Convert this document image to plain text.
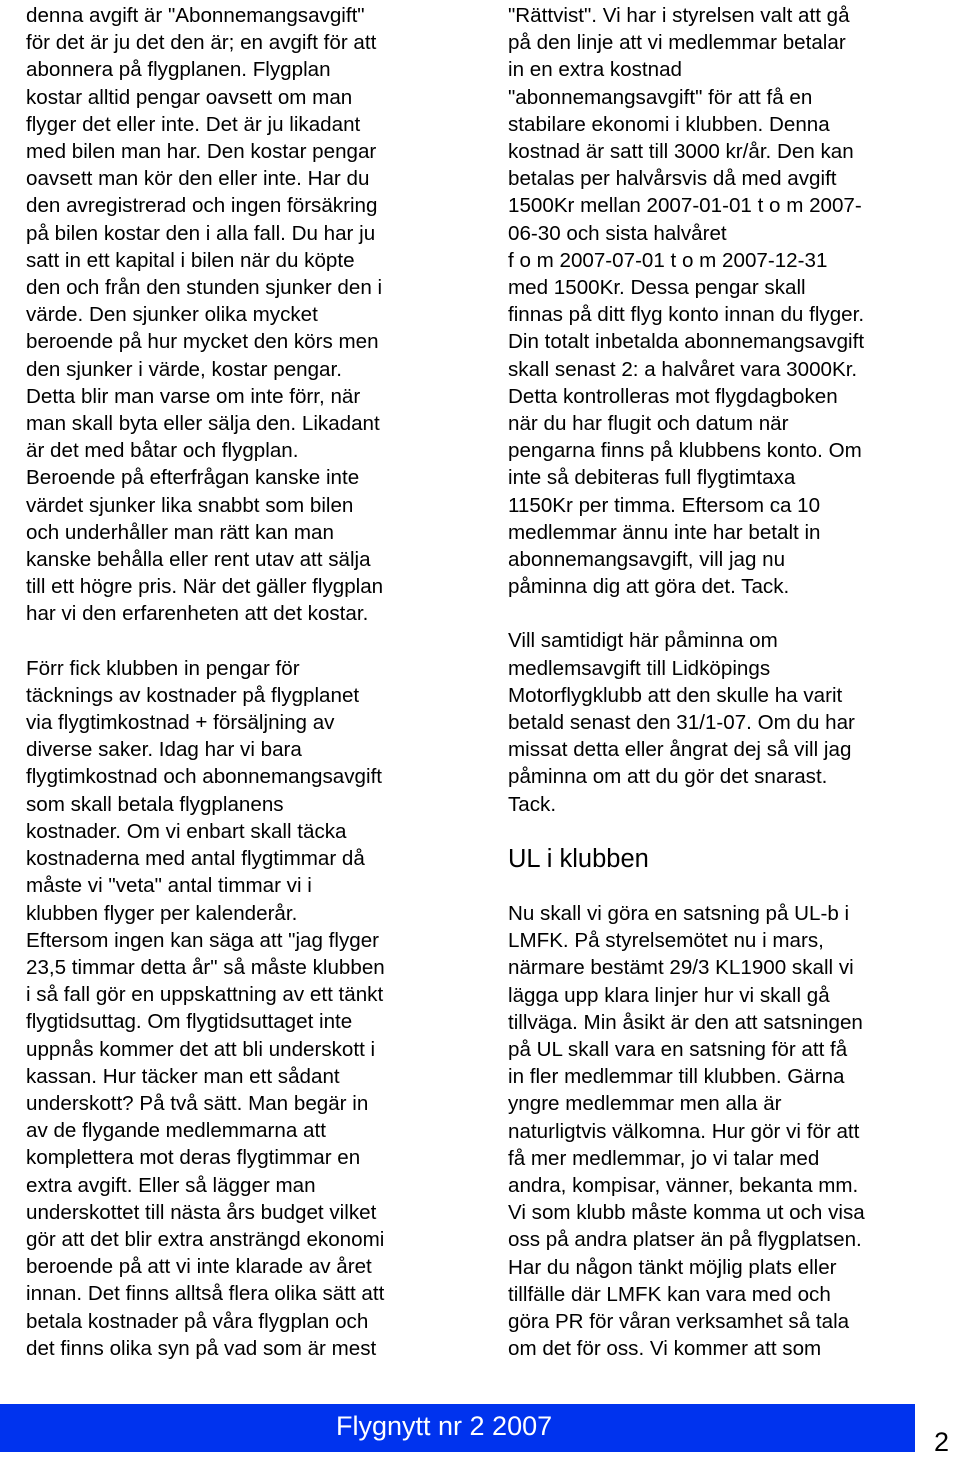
denna avgift är "Abonnemangsavgift"
för det är ju det den är; en avgift för att
abonnera på flygplanen. Flygplan
kostar alltid pengar oavsett om man
flyger det eller inte. Det är ju likadant
med bilen man har. Den kostar pengar
oavsett man kör den eller inte. Har du
den avregistrerad och ingen försäkring
på bilen kostar den i alla fall. Du har ju
satt in ett kapital i bilen när du köpte
den och från den stunden sjunker den i
värde. Den sjunker olika mycket
beroende på hur mycket den körs men
den sjunker i värde, kostar pengar.
Detta blir man varse om inte förr, när
man skall byta eller sälja den. Likadant
är det med båtar och flygplan.
Beroende på efterfrågan kanske inte
värdet sjunker lika snabbt som bilen
och underhåller man rätt kan man
kanske behålla eller rent utav att sälja
till ett högre pris. När det gäller flygplan
har vi den erfarenheten att det kostar.

Förr fick klubben in pengar för
täcknings av kostnader på flygplanet
via flygtimkostnad + försäljning av
diverse saker. Idag har vi bara
flygtimkostnad och abonnemangsavgift
som skall betala flygplanens
kostnader. Om vi enbart skall täcka
kostnaderna med antal flygtimmar då
måste vi "veta" antal timmar vi i
klubben flyger per kalenderår.
Eftersom ingen kan säga att "jag flyger
23,5 timmar detta år" så måste klubben
i så fall gör en uppskattning av ett tänkt
flygtidsuttag. Om flygtidsuttaget inte
uppnås kommer det att bli underskott i
kassan. Hur täcker man ett sådant
underskott? På två sätt. Man begär in
av de flygande medlemmarna att
komplettera mot deras flygtimmar en
extra avgift. Eller så lägger man
underskottet till nästa års budget vilket
gör att det blir extra ansträngd ekonomi
beroende på att vi inte klarade av året
innan. Det finns alltså flera olika sätt att
betala kostnader på våra flygplan och
det finns olika syn på vad som är mest

"Rättvist". Vi har i styrelsen valt att gå
på den linje att vi medlemmar betalar
in en extra kostnad
"abonnemangsavgift" för att få en
stabilare ekonomi i klubben. Denna
kostnad är satt till 3000 kr/år. Den kan
betalas per halvårsvis då med avgift
1500Kr mellan 2007-01-01 t o m 2007-
06-30 och sista halvåret
f o m 2007-07-01 t o m 2007-12-31
med 1500Kr. Dessa pengar skall
finnas på ditt flyg konto innan du flyger.
Din totalt inbetalda abonnemangsavgift
skall senast 2: a halvåret vara 3000Kr.
Detta kontrolleras mot flygdagboken
när du har flugit och datum när
pengarna finns på klubbens konto. Om
inte så debiteras full flygtimtaxa
1150Kr per timma. Eftersom ca 10
medlemmar ännu inte har betalt in
abonnemangsavgift, vill jag nu
påminna dig att göra det. Tack.

Vill samtidigt här påminna om
medlemsavgift till Lidköpings
Motorflygklubb att den skulle ha varit
betald senast den 31/1-07. Om du har
missat detta eller ångrat dej så vill jag
påminna om att du gör det snarast.
Tack.

UL i klubben

Nu skall vi göra en satsning på UL-b i
LMFK. På styrelsemötet nu i mars,
närmare bestämt 29/3 KL1900 skall vi
lägga upp klara linjer hur vi skall gå
tillväga. Min åsikt är den att satsningen
på UL skall vara en satsning för att få
in fler medlemmar till klubben. Gärna
yngre medlemmar men alla är
naturligtvis välkomna. Hur gör vi för att
få mer medlemmar, jo vi talar med
andra, kompisar, vänner, bekanta mm.
Vi som klubb måste komma ut och visa
oss på andra platser än på flygplatsen.
Har du någon tänkt möjlig plats eller
tillfälle där LMFK kan vara med och
göra PR för våran verksamhet så tala
om det för oss. Vi kommer att som

Flygnytt nr 2 2007
2
